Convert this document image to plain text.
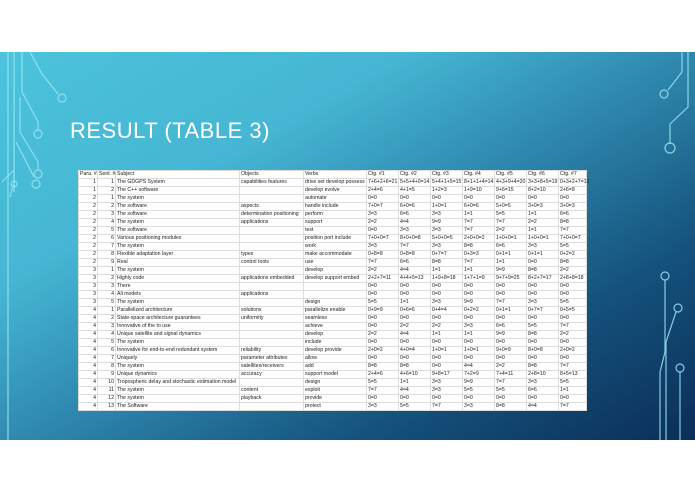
RESULT (TABLE 3)
Para. #	Sent. #	Subject	Objects	Verbs	Ctg. #1	Ctg. #2	Ctg. #3	Ctg. #4	Ctg. #5	Ctg. #6	Ctg. #7
1	1	The GDGPS System	capabilities features	drive set develop possess	7+6+2+6=21	5+5+4+0=14	5+4+1+5=15	8+1+1+4=14	4+3+9+4=20	3+3+8+5=19	0+3+2+7=12
1	2	The C++ software		develop evolve	2+4=6	4+1=5	1+2=3	1+9=10	9+6=15	8+2=10	2+6=8
2	1	The system		automate	0=0	0=0	0=0	0=0	0=0	0=0	0=0
2	2	The software	aspects	handle include	7+0=7	6+0=6	1+0=1	6+0=6	5+0=5	3+0=3	3+0=3
2	3	The software	determination positioning	perform	3=3	6=6	3=3	1=1	5=5	1=1	6=6
2	4	The system	applications	support	2=2	4=4	9=9	7=7	7=7	2=2	8=8
2	5	The software		test	0=0	3=3	3=3	7=7	2=2	1=1	7=7
2	6	Various positioning modules		position port include	7+0+0=7	8+0+0=8	5+0+0=5	2+0+0=2	1+0+0=1	1+0+0=1	7+0+0=7
2	7	The system		work	3=3	7=7	3=3	8=8	6=6	3=3	5=5
2	8	Flexible adaptation layer	types	make accommodate	0+8=8	0+8=8	0+7=7	0+3=3	0+1=1	0+1=1	0+2=2
2	9	Real	control tools	use	7=7	6=6	8=8	7=7	1=1	0=0	8=8
3	1	The system		develop	2=2	4=4	1=1	1=1	9=9	8=8	2=2
3	2	Highly code	applications embedded	develop support embed	2+2+7=11	4+4+5=13	1+9+8=18	1+7+1=9	9+7+9=25	8+2+7=17	2+8+8=18
3	3	There			0=0	0=0	0=0	0=0	0=0	0=0	0=0
3	4	All models	applications		0=0	0=0	0=0	0=0	0=0	0=0	0=0
3	5	The system		design	5=5	1=1	3=3	9=9	7=7	3=3	5=5
4	1	Parallelized architecture	solutions	parallelize enable	0+9=9	0+6=6	0+4=4	0+2=2	0+1=1	0+7=7	0+5=5
4	2	State-space architecture guarantees	uniformity	seamless	0=0	0=0	0=0	0=0	0=0	0=0	0=0
4	3	Innovative of the to use		achieve	0=0	2=2	2=2	3=3	6=6	5=5	7=7
4	4	Unique satellite and signal dynamics		develop	2=2	4=4	1=1	1=1	9=9	8=8	2=2
4	5	The system		include	0=0	0=0	0=0	0=0	0=0	0=0	0=0
4	6	Innovative for end-to-end redundant system	reliability	develop provide	2+0=2	4+0=4	1+0=1	1+0=1	9+0=9	8+0=8	2+0=2
4	7	Uniquely	parameter attributes	allow	0=0	0=0	0=0	0=0	0=0	0=0	0=0
4	8	The system	satellites/receivers	add	8=8	8=8	0=0	4=4	2=2	8=8	7=7
4	9	Unique dynamics	accuracy	support model	2+4=6	4+6=10	9+8=17	7+2=9	7+4=11	2+8=10	8+5=13
4	10	Tropospheric delay and stochastic estimation model		design	5=5	1=1	3=3	9=9	7=7	3=3	5=5
4	11	The system	content	exploit	7=7	4=4	3=3	5=5	5=5	6=6	1=1
4	12	The system	playback	provide	0=0	0=0	0=0	0=0	0=0	0=0	0=0
4	13	The Software		protect	3=3	5=5	7=7	3=3	8=8	4=4	7=7
